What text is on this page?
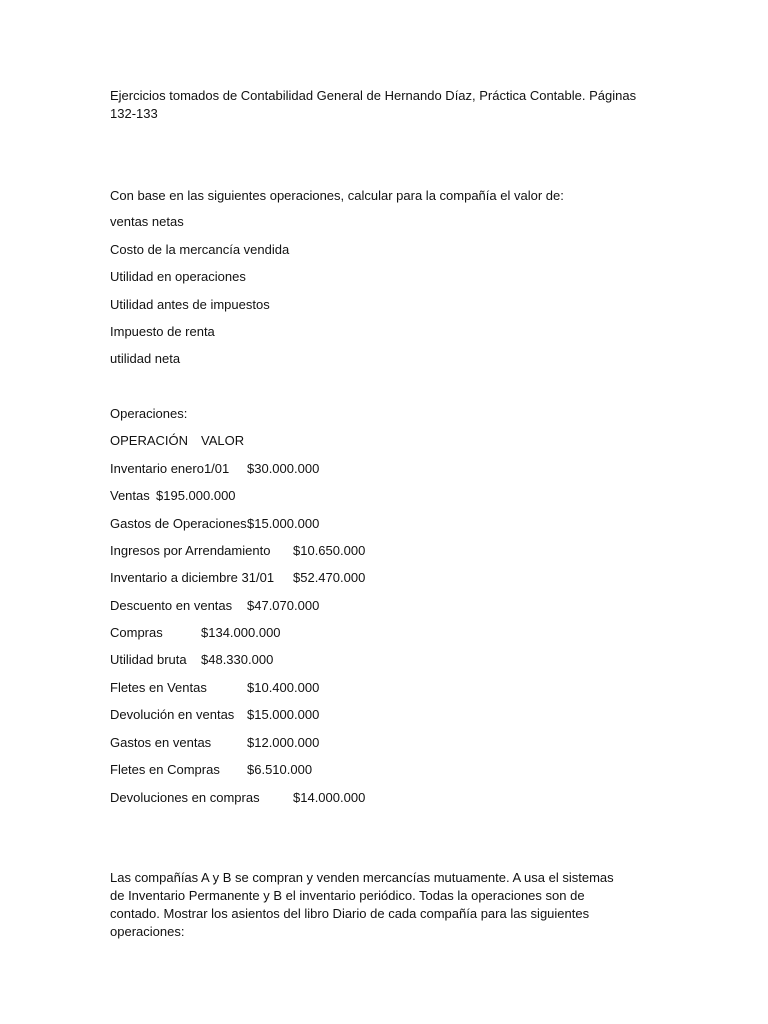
Ejercicios tomados de Contabilidad General de Hernando Díaz, Práctica Contable. Páginas 132-133
Con base en las siguientes operaciones, calcular para la compañía el valor de:
ventas netas
Costo de la mercancía vendida
Utilidad en operaciones
Utilidad antes de impuestos
Impuesto de renta
utilidad neta
Operaciones:
OPERACIÓN VALOR
Inventario enero1/01 $30.000.000
Ventas $195.000.000
Gastos de Operaciones $15.000.000
Ingresos por Arrendamiento $10.650.000
Inventario a diciembre 31/01 $52.470.000
Descuento en ventas $47.070.000
Compras	$134.000.000
Utilidad bruta $48.330.000
Fletes en Ventas	$10.400.000
Devolución en ventas $15.000.000
Gastos en ventas	$12.000.000
Fletes en Compras $6.510.000
Devoluciones en compras	$14.000.000
Las compañías A y B se compran y venden mercancías mutuamente. A usa el sistemas de Inventario Permanente y B el inventario periódico. Todas la operaciones son de contado. Mostrar los asientos del libro Diario de cada compañía para las siguientes operaciones:
